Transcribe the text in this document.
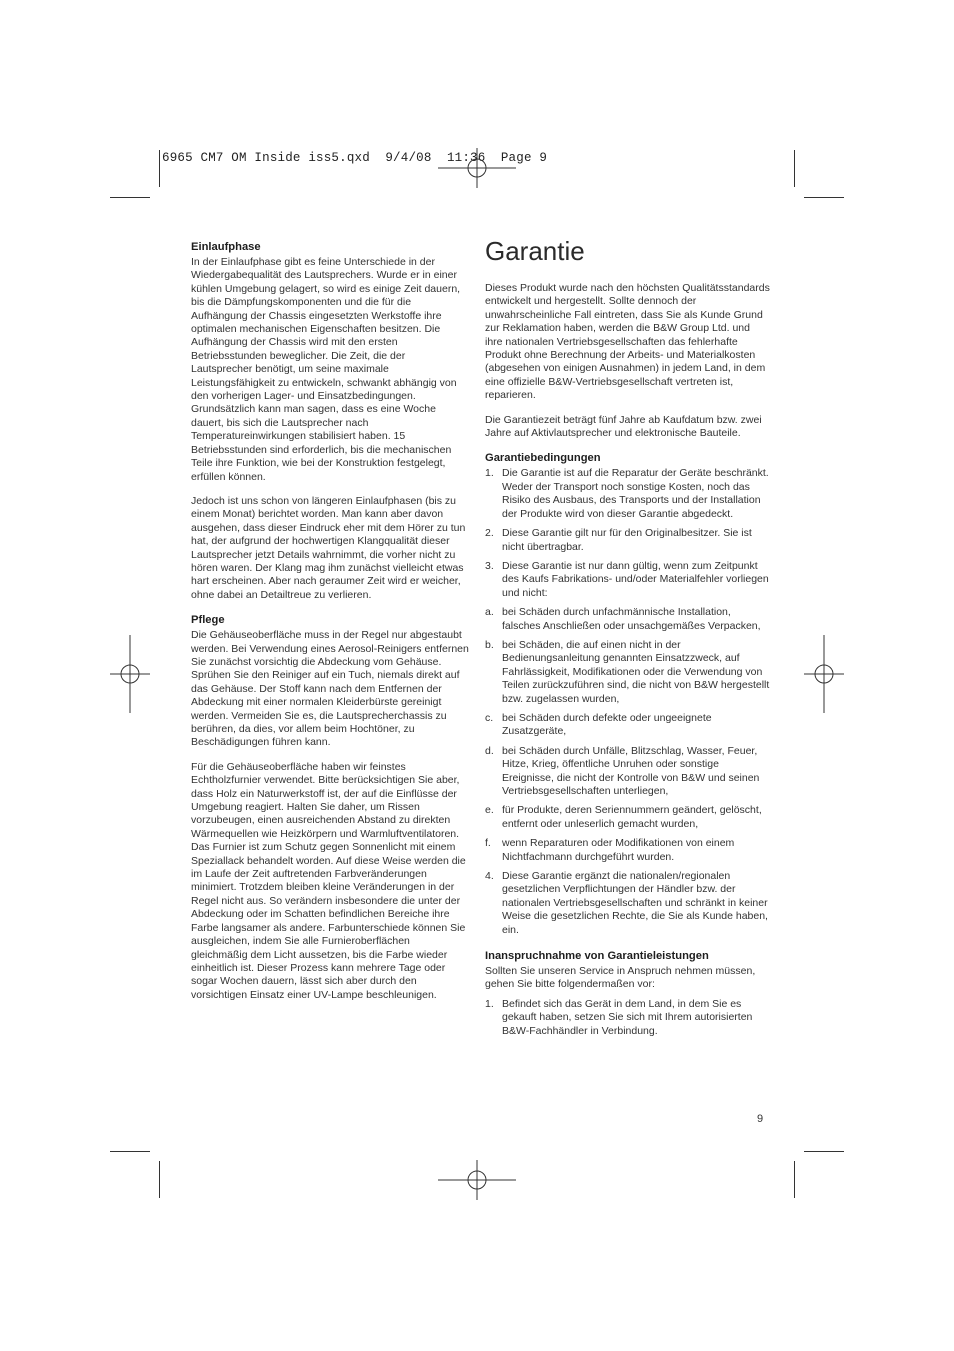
6965 CM7 OM Inside iss5.qxd  9/4/08  11:36  Page 9
Einlaufphase

In der Einlaufphase gibt es feine Unterschiede in der Wiedergabequalität des Lautsprechers. Wurde er in einer kühlen Umgebung gelagert, so wird es einige Zeit dauern, bis die Dämpfungskomponenten und die für die Aufhängung der Chassis eingesetzten Werkstoffe ihre optimalen mechanischen Eigenschaften besitzen. Die Aufhängung der Chassis wird mit den ersten Betriebsstunden beweglicher. Die Zeit, die der Lautsprecher benötigt, um seine maximale Leistungsfähigkeit zu entwickeln, schwankt abhängig von den vorherigen Lager- und Einsatzbedingungen. Grundsätzlich kann man sagen, dass es eine Woche dauert, bis sich die Lautsprecher nach Temperatureinwirkungen stabilisiert haben. 15 Betriebsstunden sind erforderlich, bis die mechanischen Teile ihre Funktion, wie bei der Konstruktion festgelegt, erfüllen können.

Jedoch ist uns schon von längeren Einlaufphasen (bis zu einem Monat) berichtet worden. Man kann aber davon ausgehen, dass dieser Eindruck eher mit dem Hörer zu tun hat, der aufgrund der hochwertigen Klangqualität dieser Lautsprecher jetzt Details wahrnimmt, die vorher nicht zu hören waren. Der Klang mag ihm zunächst vielleicht etwas hart erscheinen. Aber nach geraumer Zeit wird er weicher, ohne dabei an Detailtreue zu verlieren.

Pflege

Die Gehäuseoberfläche muss in der Regel nur abgestaubt werden. Bei Verwendung eines Aerosol-Reinigers entfernen Sie zunächst vorsichtig die Abdeckung vom Gehäuse. Sprühen Sie den Reiniger auf ein Tuch, niemals direkt auf das Gehäuse. Der Stoff kann nach dem Entfernen der Abdeckung mit einer normalen Kleiderbürste gereinigt werden. Vermeiden Sie es, die Lautsprecherchassis zu berühren, da dies, vor allem beim Hochtöner, zu Beschädigungen führen kann.

Für die Gehäuseoberfläche haben wir feinstes Echtholzfurnier verwendet. Bitte berücksichtigen Sie aber, dass Holz ein Naturwerkstoff ist, der auf die Einflüsse der Umgebung reagiert. Halten Sie daher, um Rissen vorzubeugen, einen ausreichenden Abstand zu direkten Wärmequellen wie Heizkörpern und Warmluftventilatoren. Das Furnier ist zum Schutz gegen Sonnenlicht mit einem Speziallack behandelt worden. Auf diese Weise werden die im Laufe der Zeit auftretenden Farbveränderungen minimiert. Trotzdem bleiben kleine Veränderungen in der Regel nicht aus. So verändern insbesondere die unter der Abdeckung oder im Schatten befindlichen Bereiche ihre Farbe langsamer als andere. Farbunterschiede können Sie ausgleichen, indem Sie alle Furnieroberflächen gleichmäßig dem Licht aussetzen, bis die Farbe wieder einheitlich ist. Dieser Prozess kann mehrere Tage oder sogar Wochen dauern, lässt sich aber durch den vorsichtigen Einsatz einer UV-Lampe beschleunigen.

Garantie

Dieses Produkt wurde nach den höchsten Qualitätsstandards entwickelt und hergestellt. Sollte dennoch der unwahrscheinliche Fall eintreten, dass Sie als Kunde Grund zur Reklamation haben, werden die B&W Group Ltd. und ihre nationalen Vertriebsgesellschaften das fehlerhafte Produkt ohne Berechnung der Arbeits- und Materialkosten (abgesehen von einigen Ausnahmen) in jedem Land, in dem eine offizielle B&W-Vertriebsgesellschaft vertreten ist, reparieren.

Die Garantiezeit beträgt fünf Jahre ab Kaufdatum bzw. zwei Jahre auf Aktivlautsprecher und elektronische Bauteile.

Garantiebedingungen
1. Die Garantie ist auf die Reparatur der Geräte beschränkt. Weder der Transport noch sonstige Kosten, noch das Risiko des Ausbaus, des Transports und der Installation der Produkte wird von dieser Garantie abgedeckt.
2. Diese Garantie gilt nur für den Originalbesitzer. Sie ist nicht übertragbar.
3. Diese Garantie ist nur dann gültig, wenn zum Zeitpunkt des Kaufs Fabrikations- und/oder Materialfehler vorliegen und nicht:
a. bei Schäden durch unfachmännische Installation, falsches Anschließen oder unsachgemäßes Verpacken,
b. bei Schäden, die auf einen nicht in der Bedienungsanleitung genannten Einsatzzweck, auf Fahrlässigkeit, Modifikationen oder die Verwendung von Teilen zurückzuführen sind, die nicht von B&W hergestellt bzw. zugelassen wurden,
c. bei Schäden durch defekte oder ungeeignete Zusatzgeräte,
d. bei Schäden durch Unfälle, Blitzschlag, Wasser, Feuer, Hitze, Krieg, öffentliche Unruhen oder sonstige Ereignisse, die nicht der Kontrolle von B&W und seinen Vertriebsgesellschaften unterliegen,
e. für Produkte, deren Seriennummern geändert, gelöscht, entfernt oder unleserlich gemacht wurden,
f. wenn Reparaturen oder Modifikationen von einem Nichtfachmann durchgeführt wurden.
4. Diese Garantie ergänzt die nationalen/regionalen gesetzlichen Verpflichtungen der Händler bzw. der nationalen Vertriebsgesellschaften und schränkt in keiner Weise die gesetzlichen Rechte, die Sie als Kunde haben, ein.
Inanspruchnahme von Garantieleistungen

Sollten Sie unseren Service in Anspruch nehmen müssen, gehen Sie bitte folgendermaßen vor:

1. Befindet sich das Gerät in dem Land, in dem Sie es gekauft haben, setzen Sie sich mit Ihrem autorisierten B&W-Fachhändler in Verbindung.
9
